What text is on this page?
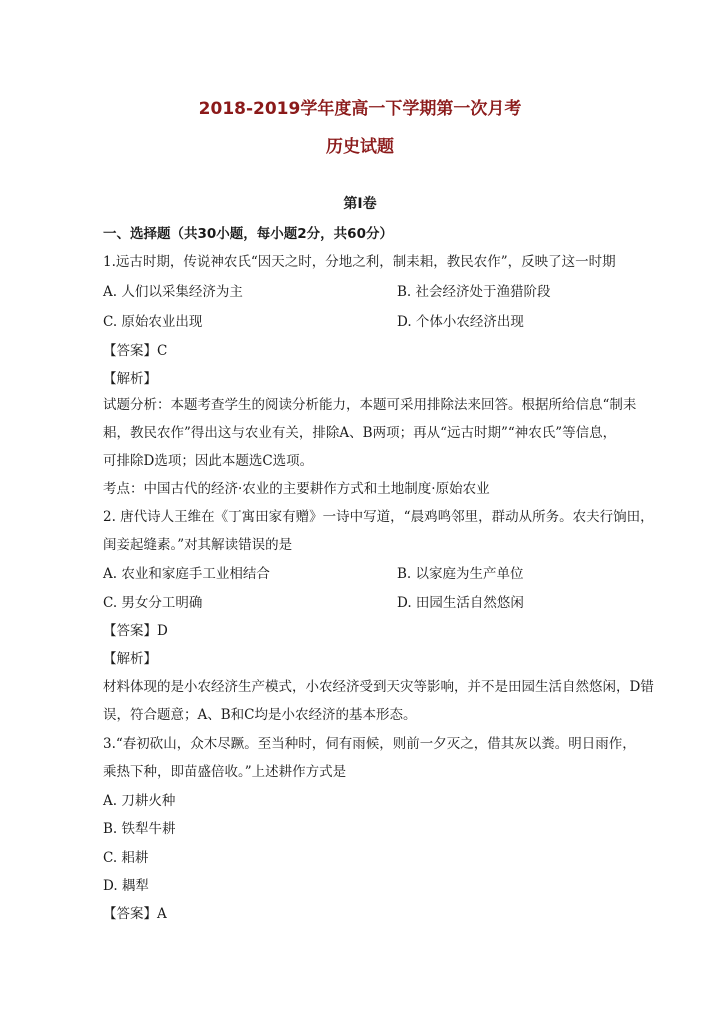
2018-2019学年度高一下学期第一次月考
历史试题
第Ⅰ卷
一、选择题（共30小题，每小题2分，共60分）
1.远古时期，传说神农氏“因天之时，分地之利，制耒耜，教民农作”，反映了这一时期
A. 人们以采集经济为主	B. 社会经济处于渔猎阶段
C. 原始农业出现	D. 个体小农经济出现
【答案】C
【解析】
试题分析：本题考查学生的阅读分析能力，本题可采用排除法来回答。根据所给信息“制耒
耜，教民农作”得出这与农业有关，排除A、B两项；再从“远古时期”“神农氏”等信息，
可排除D选项；因此本题选C选项。
考点：中国古代的经济·农业的主要耕作方式和土地制度·原始农业
2. 唐代诗人王维在《丁寓田家有赠》一诗中写道，“晨鸡鸣邻里，群动从所务。农夫行饷田，
闺妾起缝素。”对其解读错误的是
A. 农业和家庭手工业相结合	B. 以家庭为生产单位
C. 男女分工明确	D. 田园生活自然悠闲
【答案】D
【解析】
材料体现的是小农经济生产模式，小农经济受到天灾等影响，并不是田园生活自然悠闲，D错
误，符合题意；A、B和C均是小农经济的基本形态。
3.“春初砍山，众木尽蹶。至当种时，伺有雨候，则前一夕灭之，借其灰以粪。明日雨作，
乘热下种，即苗盛倍收。”上述耕作方式是
A. 刀耕火种
B. 铁犁牛耕
C. 耜耕
D. 耦犁
【答案】A
